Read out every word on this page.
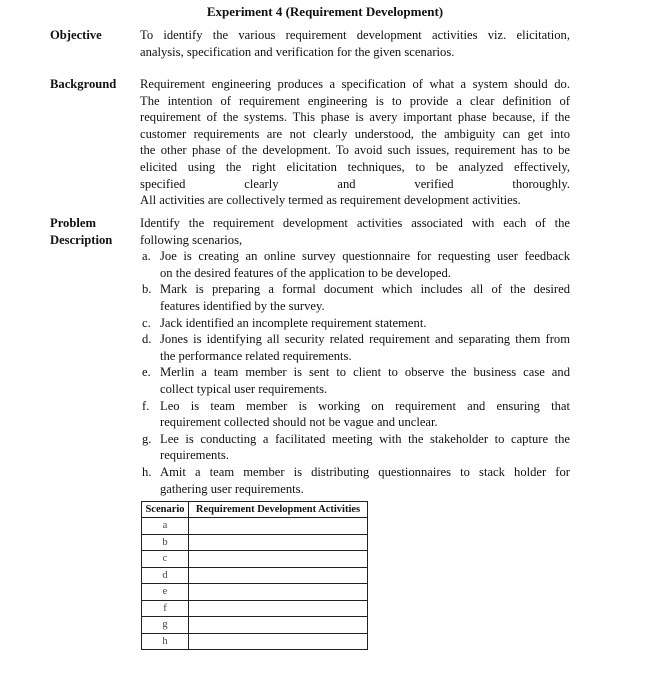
Experiment 4 (Requirement Development)
Objective	To identify the various requirement development activities viz. elicitation,
analysis, specification and verification for the given scenarios.
Background Requirement engineering produces a specification of what a system should do.
The intention of requirement engineering is to provide a clear definition of
requirement of the systems. This phase is avery important phase because, if the
customer requirements are not clearly understood, the ambiguity can get into
the other phase of the development. To avoid such issues, requirement has to be
elicited using the right elicitation techniques, to be analyzed effectively,
specified clearly and verified thoroughly.
All activities are collectively termed as requirement development activities.
Problem
Description
Identify the requirement development activities associated with each of the
following scenarios,
a. Joe is creating an online survey questionnaire for requesting user feedback
on the desired features of the application to be developed.
b. Mark is preparing a formal document which includes all of the desired
features identified by the survey.
c. Jack identified an incomplete requirement statement.
d. Jones is identifying all security related requirement and separating them from
the performance related requirements.
e. Merlin a team member is sent to client to observe the business case and
collect typical user requirements.
f. Leo is team member is working on requirement and ensuring that
requirement collected should not be vague and unclear.
g. Lee is conducting a facilitated meeting with the stakeholder to capture the
requirements.
h. Amit a team member is distributing questionnaires to stack holder for
gathering user requirements.
Scenario	Requirement Development Activities
a	
b	
c	
d	
e	
f	
g	
h	
